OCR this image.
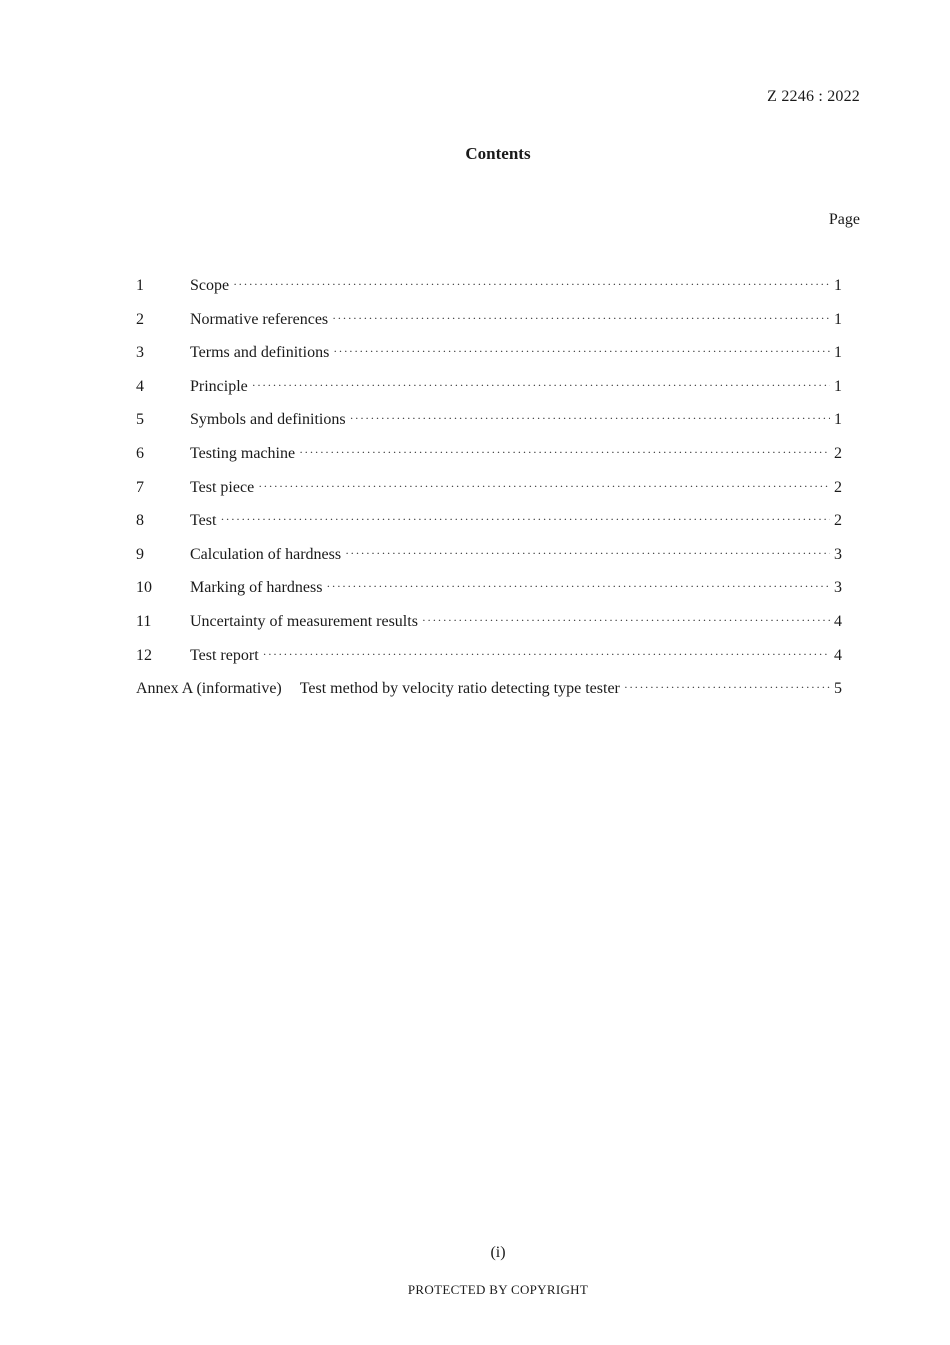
Z 2246 : 2022
Contents
Page
1	Scope ·····	1
2	Normative references ·····	1
3	Terms and definitions ·····	1
4	Principle ·····	1
5	Symbols and definitions ·····	1
6	Testing machine ·····	2
7	Test piece ·····	2
8	Test ·····	2
9	Calculation of hardness ·····	3
10	Marking of hardness ·····	3
11	Uncertainty of measurement results ·····	4
12	Test report ·····	4
Annex A (informative) Test method by velocity ratio detecting type tester ·····	5
(i)
PROTECTED BY COPYRIGHT
